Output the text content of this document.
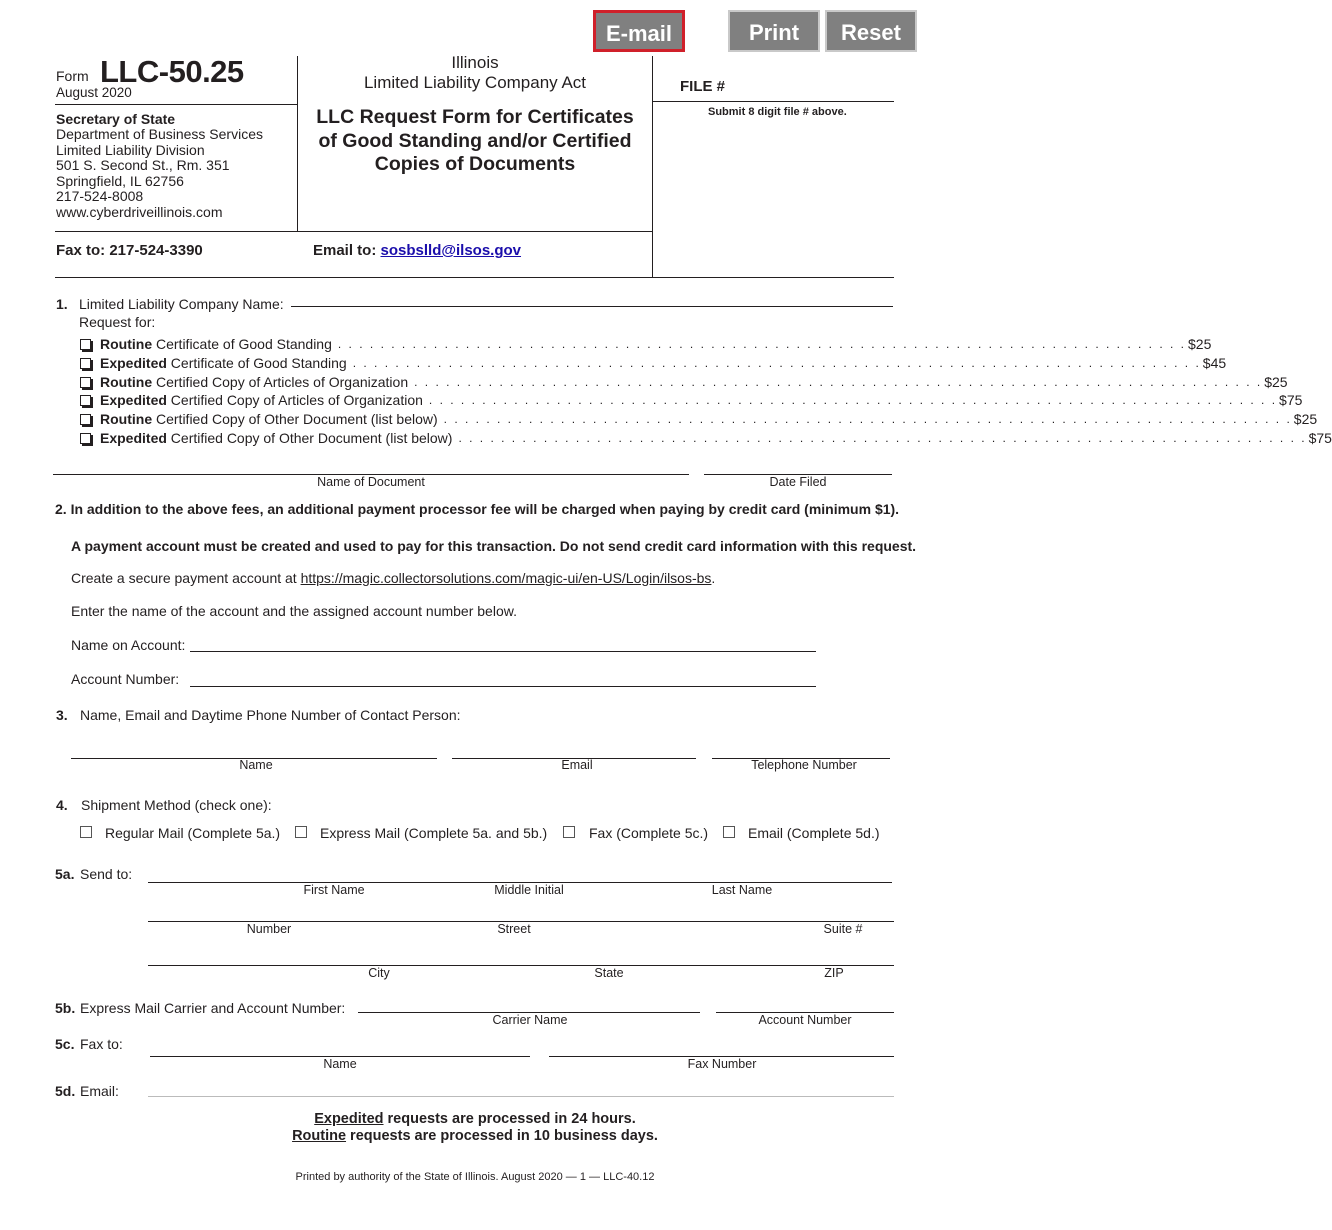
E-mail	Print	Reset
Form LLC-50.25
August 2020
Secretary of State
Department of Business Services
Limited Liability Division
501 S. Second St., Rm. 351
Springfield, IL 62756
217-524-8008
www.cyberdriveillinois.com
Illinois
Limited Liability Company Act
LLC Request Form for Certificates
of Good Standing and/or Certified
Copies of Documents
FILE #
Submit 8 digit file # above.
Fax to: 217-524-3390	Email to: sosbslld@ilsos.gov
1. Limited Liability Company Name:
Request for:
Routine Certificate of Good Standing . . . . . . . . . . . . . . . . . . . . . . . . . . . . . . . . . . . . . . . . . . . . . . . . . . . . . . . . . . . . . . . . . . . . . . . . . . . . . . . . $25
Expedited Certificate of Good Standing . . . . . . . . . . . . . . . . . . . . . . . . . . . . . . . . . . . . . . . . . . . . . . . . . . . . . . . . . . . . . . . . . . . . . . . . . . . . . . . . $45
Routine Certified Copy of Articles of Organization . . . . . . . . . . . . . . . . . . . . . . . . . . . . . . . . . . . . . . . . . . . . . . . . . . . . . . . . . . . . . . . . . . . . . . . . . . . . . . . . $25
Expedited Certified Copy of Articles of Organization . . . . . . . . . . . . . . . . . . . . . . . . . . . . . . . . . . . . . . . . . . . . . . . . . . . . . . . . . . . . . . . . . . . . . . . . . . . . . . . . $75
Routine Certified Copy of Other Document (list below) . . . . . . . . . . . . . . . . . . . . . . . . . . . . . . . . . . . . . . . . . . . . . . . . . . . . . . . . . . . . . . . . . . . . . . . . . . . . . . . . $25
Expedited Certified Copy of Other Document (list below) . . . . . . . . . . . . . . . . . . . . . . . . . . . . . . . . . . . . . . . . . . . . . . . . . . . . . . . . . . . . . . . . . . . . . . . . . . . . . . . . $75
Name of Document	Date Filed
2. In addition to the above fees, an additional payment processor fee will be charged when paying by credit card (minimum $1).
A payment account must be created and used to pay for this transaction. Do not send credit card information with this request.
Create a secure payment account at https://magic.collectorsolutions.com/magic-ui/en-US/Login/ilsos-bs.
Enter the name of the account and the assigned account number below.
Name on Account:
Account Number:
3. Name, Email and Daytime Phone Number of Contact Person:
Name	Email	Telephone Number
4. Shipment Method (check one):
Regular Mail (Complete 5a.)	Express Mail (Complete 5a. and 5b.)	Fax (Complete 5c.)	Email (Complete 5d.)
5a. Send to:
First Name	Middle Initial	Last Name
Number	Street	Suite #
City	State	ZIP
5b. Express Mail Carrier and Account Number:
Carrier Name	Account Number
5c. Fax to:
Name	Fax Number
5d. Email:
Expedited requests are processed in 24 hours.
Routine requests are processed in 10 business days.
Printed by authority of the State of Illinois. August 2020 — 1 — LLC-40.12
